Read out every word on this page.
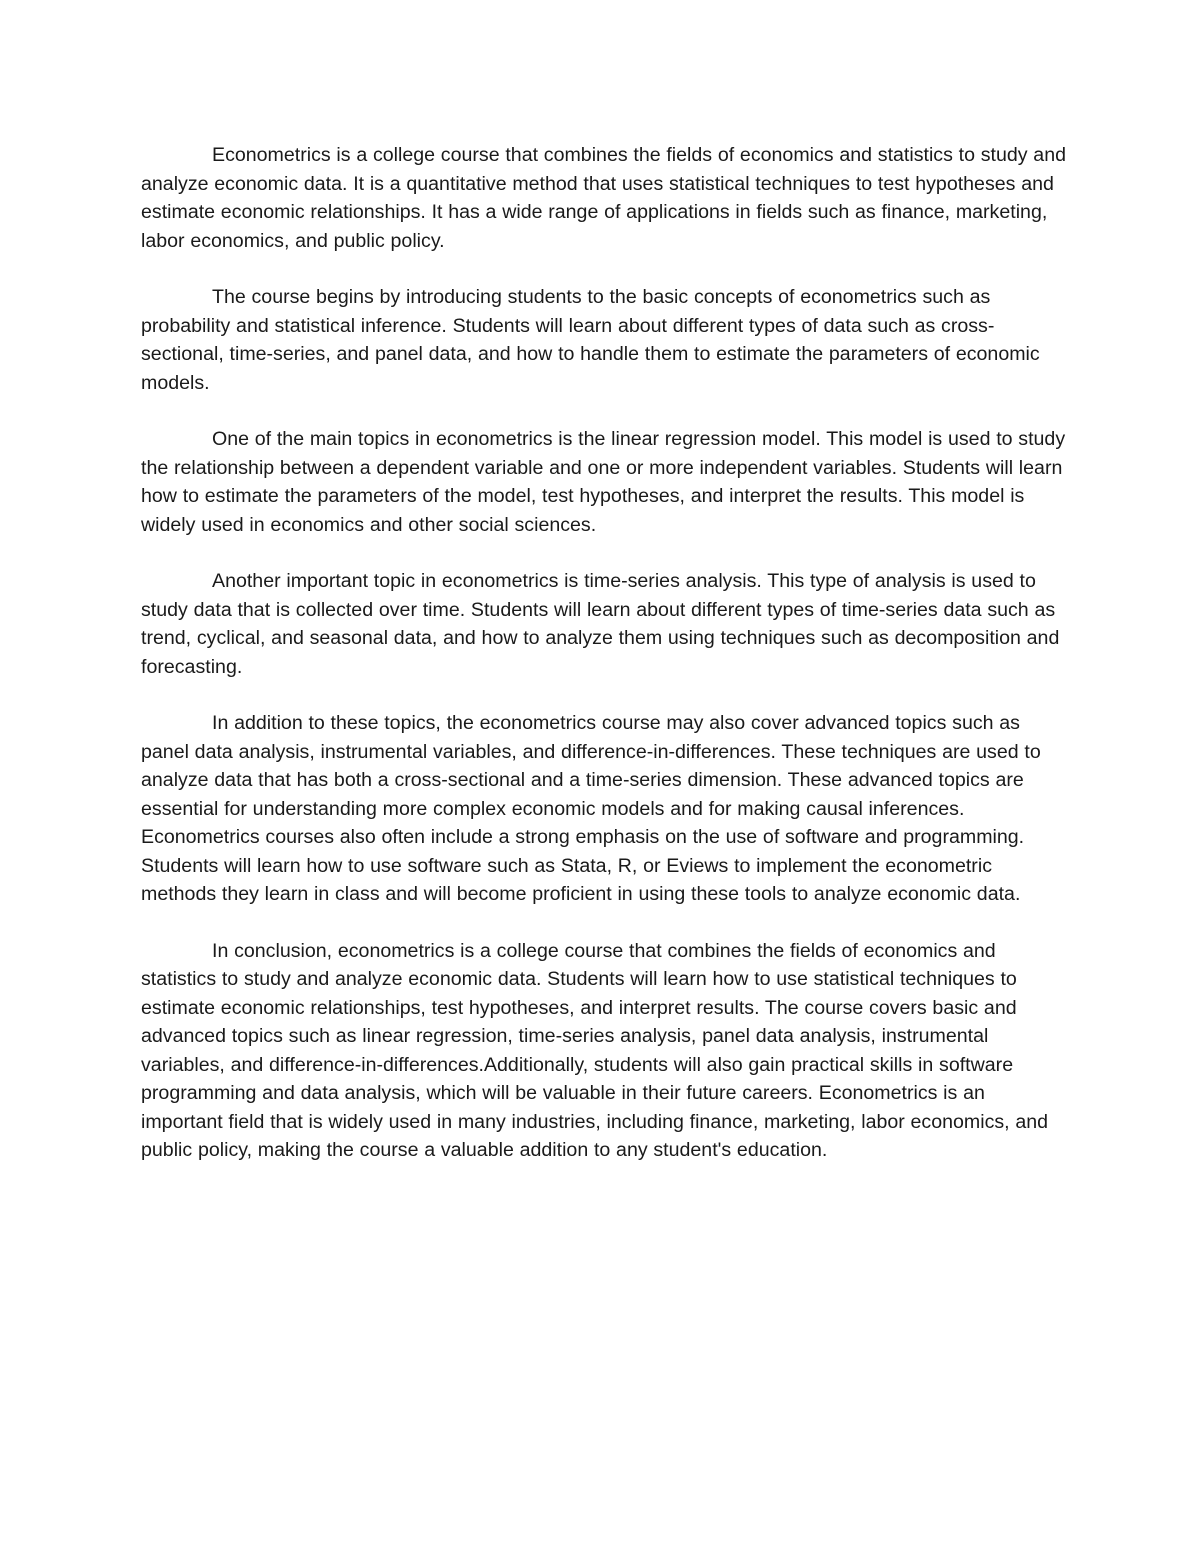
Econometrics is a college course that combines the fields of economics and statistics to study and analyze economic data. It is a quantitative method that uses statistical techniques to test hypotheses and estimate economic relationships. It has a wide range of applications in fields such as finance, marketing, labor economics, and public policy.

The course begins by introducing students to the basic concepts of econometrics such as probability and statistical inference. Students will learn about different types of data such as cross-sectional, time-series, and panel data, and how to handle them to estimate the parameters of economic models.

One of the main topics in econometrics is the linear regression model. This model is used to study the relationship between a dependent variable and one or more independent variables. Students will learn how to estimate the parameters of the model, test hypotheses, and interpret the results. This model is widely used in economics and other social sciences.

Another important topic in econometrics is time-series analysis. This type of analysis is used to study data that is collected over time. Students will learn about different types of time-series data such as trend, cyclical, and seasonal data, and how to analyze them using techniques such as decomposition and forecasting.

In addition to these topics, the econometrics course may also cover advanced topics such as panel data analysis, instrumental variables, and difference-in-differences. These techniques are used to analyze data that has both a cross-sectional and a time-series dimension. These advanced topics are essential for understanding more complex economic models and for making causal inferences. Econometrics courses also often include a strong emphasis on the use of software and programming. Students will learn how to use software such as Stata, R, or Eviews to implement the econometric methods they learn in class and will become proficient in using these tools to analyze economic data.

In conclusion, econometrics is a college course that combines the fields of economics and statistics to study and analyze economic data. Students will learn how to use statistical techniques to estimate economic relationships, test hypotheses, and interpret results. The course covers basic and advanced topics such as linear regression, time-series analysis, panel data analysis, instrumental variables, and difference-in-differences.Additionally, students will also gain practical skills in software programming and data analysis, which will be valuable in their future careers. Econometrics is an important field that is widely used in many industries, including finance, marketing, labor economics, and public policy, making the course a valuable addition to any student's education.
